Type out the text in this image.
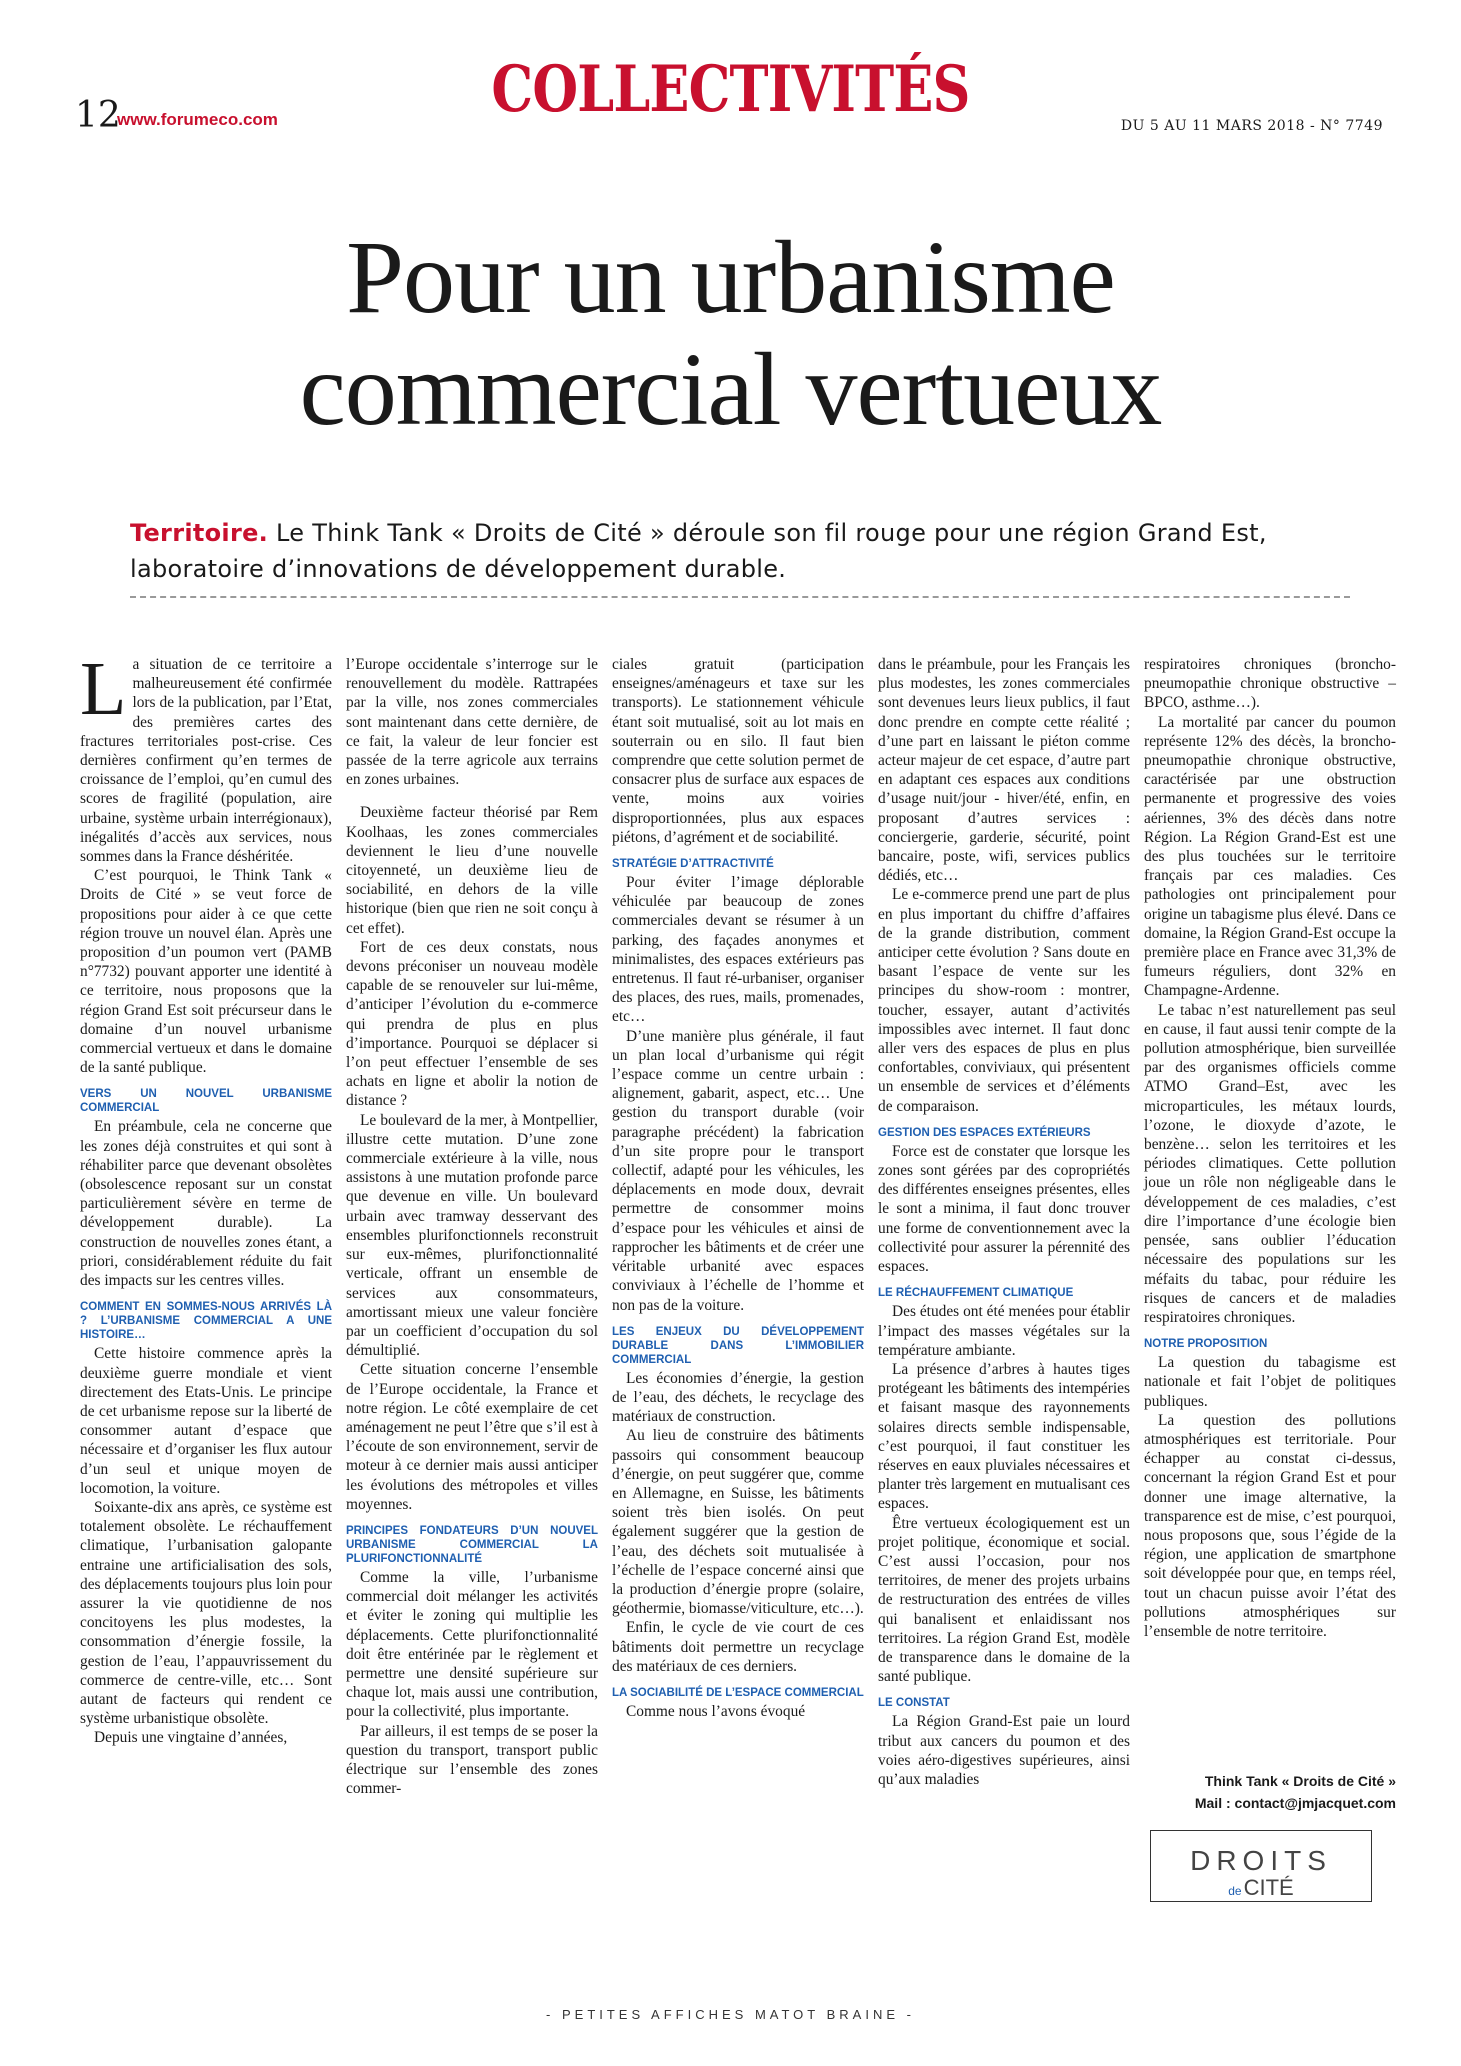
12
www.forumeco.com	COLLECTIVITÉS	DU 5 AU 11 MARS 2018 - N° 7749
Pour un urbanisme
commercial vertueux
Territoire. Le Think Tank « Droits de Cité » déroule son fil rouge pour une région Grand Est, laboratoire d’innovations de développement durable.

La situation de ce territoire a malheureusement été confirmée lors de la publication, par l’Etat, des premières cartes des fractures territoriales post-crise. Ces dernières confirment qu’en termes de croissance de l’emploi, qu’en cumul des scores de fragilité (population, aire urbaine, système urbain interrégionaux), inégalités d’accès aux services, nous sommes dans la France déshéritée.

C’est pourquoi, le Think Tank « Droits de Cité » se veut force de propositions pour aider à ce que cette région trouve un nouvel élan. Après une proposition d’un poumon vert (PAMB n°7732) pouvant apporter une identité à ce territoire, nous proposons que la région Grand Est soit précurseur dans le domaine d’un nouvel urbanisme commercial vertueux et dans le domaine de la santé publique.

VERS UN NOUVEL URBANISME COMMERCIAL

En préambule, cela ne concerne que les zones déjà construites et qui sont à réhabiliter parce que devenant obsolètes (obsolescence reposant sur un constat particulièrement sévère en terme de développement durable). La construction de nouvelles zones étant, a priori, considérablement réduite du fait des impacts sur les centres villes.

COMMENT EN SOMMES-NOUS ARRIVÉS LÀ ? L’URBANISME COMMERCIAL A UNE HISTOIRE…

Cette histoire commence après la deuxième guerre mondiale et vient directement des Etats-Unis. Le principe de cet urbanisme repose sur la liberté de consommer autant d’espace que nécessaire et d’organiser les flux autour d’un seul et unique moyen de locomotion, la voiture.

Soixante-dix ans après, ce système est totalement obsolète. Le réchauffement climatique, l’urbanisation galopante entraine une artificialisation des sols, des déplacements toujours plus loin pour assurer la vie quotidienne de nos concitoyens les plus modestes, la consommation d’énergie fossile, la gestion de l’eau, l’appauvrissement du commerce de centre-ville, etc… Sont autant de facteurs qui rendent ce système urbanistique obsolète.

Depuis une vingtaine d’années,

l’Europe occidentale s’interroge sur le renouvellement du modèle. Rattrapées par la ville, nos zones commerciales sont maintenant dans cette dernière, de ce fait, la valeur de leur foncier est passée de la terre agricole aux terrains en zones urbaines.

Deuxième facteur théorisé par Rem Koolhaas, les zones commerciales deviennent le lieu d’une nouvelle citoyenneté, un deuxième lieu de sociabilité, en dehors de la ville historique (bien que rien ne soit conçu à cet effet).

Fort de ces deux constats, nous devons préconiser un nouveau modèle capable de se renouveler sur lui-même, d’anticiper l’évolution du e-commerce qui prendra de plus en plus d’importance. Pourquoi se déplacer si l’on peut effectuer l’ensemble de ses achats en ligne et abolir la notion de distance ?

Le boulevard de la mer, à Montpellier, illustre cette mutation. D’une zone commerciale extérieure à la ville, nous assistons à une mutation profonde parce que devenue en ville. Un boulevard urbain avec tramway desservant des ensembles plurifonctionnels reconstruit sur eux-mêmes, plurifonctionnalité verticale, offrant un ensemble de services aux consommateurs, amortissant mieux une valeur foncière par un coefficient d’occupation du sol démultiplié.

Cette situation concerne l’ensemble de l’Europe occidentale, la France et notre région. Le côté exemplaire de cet aménagement ne peut l’être que s’il est à l’écoute de son environnement, servir de moteur à ce dernier mais aussi anticiper les évolutions des métropoles et villes moyennes.

PRINCIPES FONDATEURS D’UN NOUVEL URBANISME COMMERCIAL LA PLURIFONCTIONNALITÉ

Comme la ville, l’urbanisme commercial doit mélanger les activités et éviter le zoning qui multiplie les déplacements. Cette plurifonctionnalité doit être entérinée par le règlement et permettre une densité supérieure sur chaque lot, mais aussi une contribution, pour la collectivité, plus importante.

Par ailleurs, il est temps de se poser la question du transport, transport public électrique sur l’ensemble des zones commer-

ciales gratuit (participation enseignes/aménageurs et taxe sur les transports). Le stationnement véhicule étant soit mutualisé, soit au lot mais en souterrain ou en silo. Il faut bien comprendre que cette solution permet de consacrer plus de surface aux espaces de vente, moins aux voiries disproportionnées, plus aux espaces piétons, d’agrément et de sociabilité.

STRATÉGIE D’ATTRACTIVITÉ

Pour éviter l’image déplorable véhiculée par beaucoup de zones commerciales devant se résumer à un parking, des façades anonymes et minimalistes, des espaces extérieurs pas entretenus. Il faut ré-urbaniser, organiser des places, des rues, mails, promenades, etc…

D’une manière plus générale, il faut un plan local d’urbanisme qui régit l’espace comme un centre urbain : alignement, gabarit, aspect, etc… Une gestion du transport durable (voir paragraphe précédent) la fabrication d’un site propre pour le transport collectif, adapté pour les véhicules, les déplacements en mode doux, devrait permettre de consommer moins d’espace pour les véhicules et ainsi de rapprocher les bâtiments et de créer une véritable urbanité avec espaces conviviaux à l’échelle de l’homme et non pas de la voiture.

LES ENJEUX DU DÉVELOPPEMENT DURABLE DANS L’IMMOBILIER COMMERCIAL

Les économies d’énergie, la gestion de l’eau, des déchets, le recyclage des matériaux de construction.

Au lieu de construire des bâtiments passoirs qui consomment beaucoup d’énergie, on peut suggérer que, comme en Allemagne, en Suisse, les bâtiments soient très bien isolés. On peut également suggérer que la gestion de l’eau, des déchets soit mutualisée à l’échelle de l’espace concerné ainsi que la production d’énergie propre (solaire, géothermie, biomasse/viticulture, etc…).

Enfin, le cycle de vie court de ces bâtiments doit permettre un recyclage des matériaux de ces derniers.

LA SOCIABILITÉ DE L’ESPACE COMMERCIAL

Comme nous l’avons évoqué

dans le préambule, pour les Français les plus modestes, les zones commerciales sont devenues leurs lieux publics, il faut donc prendre en compte cette réalité ; d’une part en laissant le piéton comme acteur majeur de cet espace, d’autre part en adaptant ces espaces aux conditions d’usage nuit/jour - hiver/été, enfin, en proposant d’autres services : conciergerie, garderie, sécurité, point bancaire, poste, wifi, services publics dédiés, etc…

Le e-commerce prend une part de plus en plus important du chiffre d’affaires de la grande distribution, comment anticiper cette évolution ? Sans doute en basant l’espace de vente sur les principes du show-room : montrer, toucher, essayer, autant d’activités impossibles avec internet. Il faut donc aller vers des espaces de plus en plus confortables, conviviaux, qui présentent un ensemble de services et d’éléments de comparaison.

GESTION DES ESPACES EXTÉRIEURS

Force est de constater que lorsque les zones sont gérées par des copropriétés des différentes enseignes présentes, elles le sont a minima, il faut donc trouver une forme de conventionnement avec la collectivité pour assurer la pérennité des espaces.

LE RÉCHAUFFEMENT CLIMATIQUE

Des études ont été menées pour établir l’impact des masses végétales sur la température ambiante.

La présence d’arbres à hautes tiges protégeant les bâtiments des intempéries et faisant masque des rayonnements solaires directs semble indispensable, c’est pourquoi, il faut constituer les réserves en eaux pluviales nécessaires et planter très largement en mutualisant ces espaces.

Être vertueux écologiquement est un projet politique, économique et social. C’est aussi l’occasion, pour nos territoires, de mener des projets urbains de restructuration des entrées de villes qui banalisent et enlaidissant nos territoires. La région Grand Est, modèle de transparence dans le domaine de la santé publique.

LE CONSTAT

La Région Grand-Est paie un lourd tribut aux cancers du poumon et des voies aéro-digestives supérieures, ainsi qu’aux maladies

respiratoires chroniques (broncho-pneumopathie chronique obstructive – BPCO, asthme…).

La mortalité par cancer du poumon représente 12% des décès, la broncho-pneumopathie chronique obstructive, caractérisée par une obstruction permanente et progressive des voies aériennes, 3% des décès dans notre Région. La Région Grand-Est est une des plus touchées sur le territoire français par ces maladies. Ces pathologies ont principalement pour origine un tabagisme plus élevé. Dans ce domaine, la Région Grand-Est occupe la première place en France avec 31,3% de fumeurs réguliers, dont 32% en Champagne-Ardenne.

Le tabac n’est naturellement pas seul en cause, il faut aussi tenir compte de la pollution atmosphérique, bien surveillée par des organismes officiels comme ATMO Grand–Est, avec les microparticules, les métaux lourds, l’ozone, le dioxyde d’azote, le benzène… selon les territoires et les périodes climatiques. Cette pollution joue un rôle non négligeable dans le développement de ces maladies, c’est dire l’importance d’une écologie bien pensée, sans oublier l’éducation nécessaire des populations sur les méfaits du tabac, pour réduire les risques de cancers et de maladies respiratoires chroniques.

NOTRE PROPOSITION

La question du tabagisme est nationale et fait l’objet de politiques publiques.

La question des pollutions atmosphériques est territoriale. Pour échapper au constat ci-dessus, concernant la région Grand Est et pour donner une image alternative, la transparence est de mise, c’est pourquoi, nous proposons que, sous l’égide de la région, une application de smartphone soit développée pour que, en temps réel, tout un chacun puisse avoir l’état des pollutions atmosphériques sur l’ensemble de notre territoire.

Think Tank « Droits de Cité »
Mail : contact@jmjacquet.com
DROITS
deCITÉ
- PETITES AFFICHES MATOT BRAINE -
